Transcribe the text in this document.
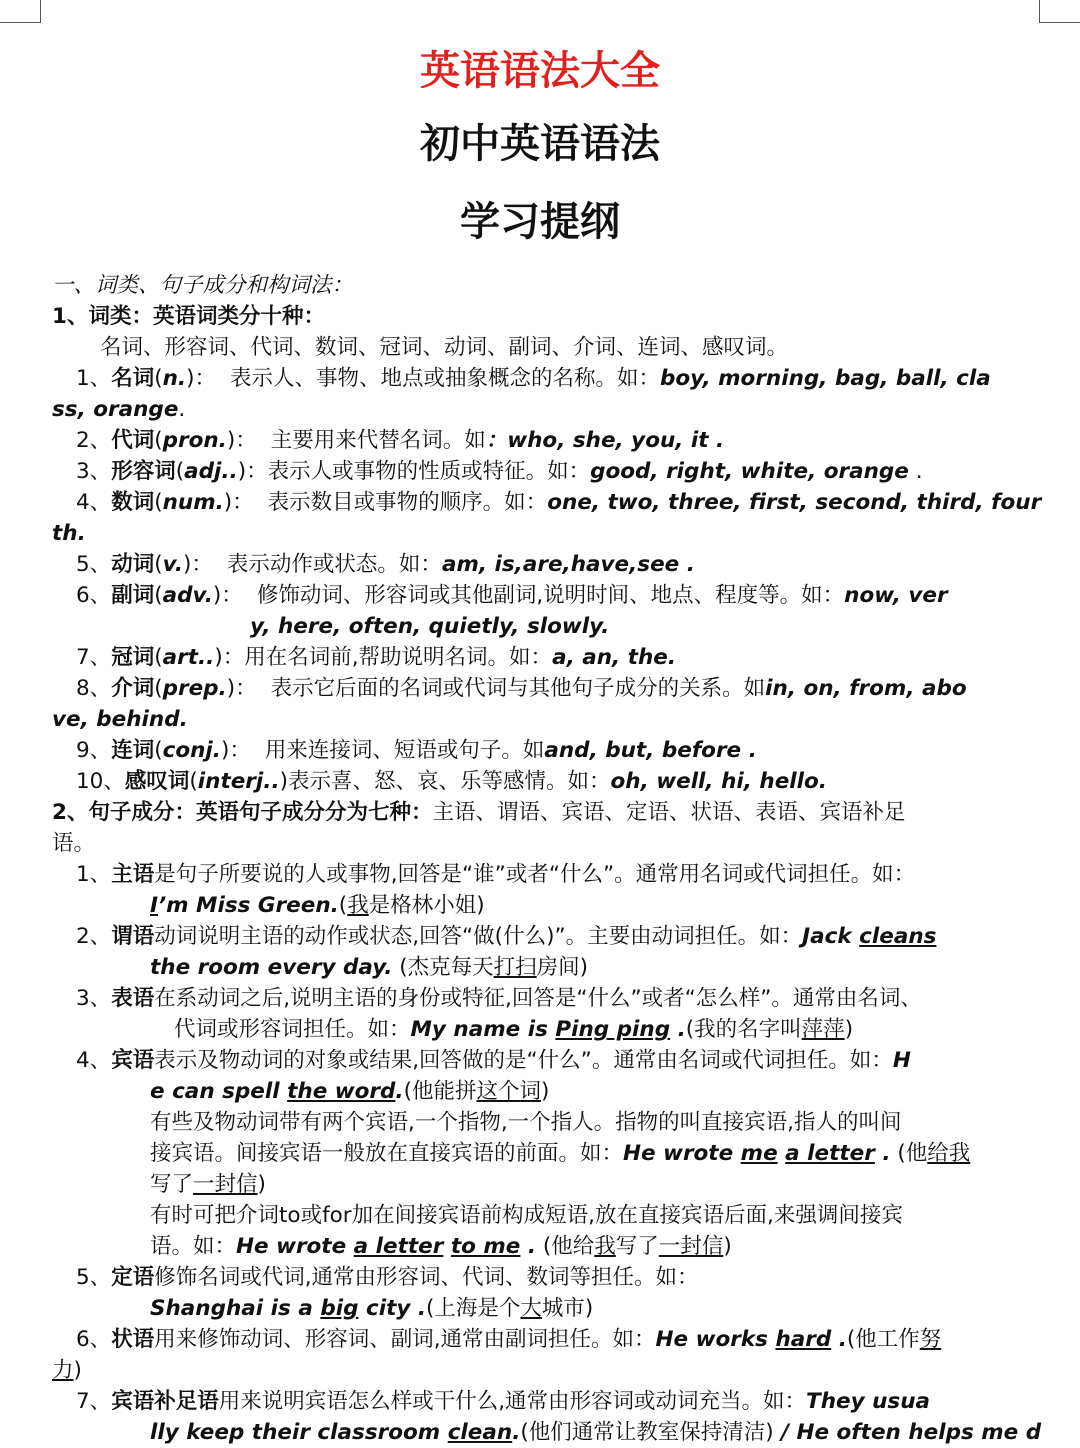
英语语法大全
初中英语语法
学习提纲
一、词类、句子成分和构词法：
1、词类：英语词类分十种：
名词、形容词、代词、数词、冠词、动词、副词、介词、连词、感叹词。
1、名词(n.)： 表示人、事物、地点或抽象概念的名称。如：boy, morning, bag, ball, cla
ss, orange.
2、代词(pron.)： 主要用来代替名词。如：who, she, you, it .
3、形容词(adj..)：表示人或事物的性质或特征。如：good, right, white, orange .
4、数词(num.)： 表示数目或事物的顺序。如：one, two, three, first, second, third, four
th.
5、动词(v.)： 表示动作或状态。如：am, is,are,have,see .
6、副词(adv.)： 修饰动词、形容词或其他副词,说明时间、地点、程度等。如：now, ver
y, here, often, quietly, slowly.
7、冠词(art..)：用在名词前,帮助说明名词。如：a, an, the.
8、介词(prep.)： 表示它后面的名词或代词与其他句子成分的关系。如in, on, from, abo
ve, behind.
9、连词(conj.)： 用来连接词、短语或句子。如and, but, before .
10、感叹词(interj..)表示喜、怒、哀、乐等感情。如：oh, well, hi, hello.
2、句子成分：英语句子成分分为七种：主语、谓语、宾语、定语、状语、表语、宾语补足
语。
1、主语是句子所要说的人或事物,回答是“谁”或者“什么”。通常用名词或代词担任。如：
I’m Miss Green.(我是格林小姐)
2、谓语动词说明主语的动作或状态,回答“做(什么)”。主要由动词担任。如：Jack cleans
the room every day. (杰克每天打扫房间)
3、表语在系动词之后,说明主语的身份或特征,回答是“什么”或者“怎么样”。通常由名词、
代词或形容词担任。如：My name is Ping ping .(我的名字叫萍萍)
4、宾语表示及物动词的对象或结果,回答做的是“什么”。通常由名词或代词担任。如：H
e can spell the word.(他能拼这个词)
有些及物动词带有两个宾语,一个指物,一个指人。指物的叫直接宾语,指人的叫间
接宾语。间接宾语一般放在直接宾语的前面。如：He wrote me a letter . (他给我
写了一封信)
有时可把介词to或for加在间接宾语前构成短语,放在直接宾语后面,来强调间接宾
语。如：He wrote a letter to me . (他给我写了一封信)
5、定语修饰名词或代词,通常由形容词、代词、数词等担任。如：
Shanghai is a big city .(上海是个大城市)
6、状语用来修饰动词、形容词、副词,通常由副词担任。如：He works hard .(他工作努
力)
7、宾语补足语用来说明宾语怎么样或干什么,通常由形容词或动词充当。如：They usua
lly keep their classroom clean.(他们通常让教室保持清洁) / He often helps me d
